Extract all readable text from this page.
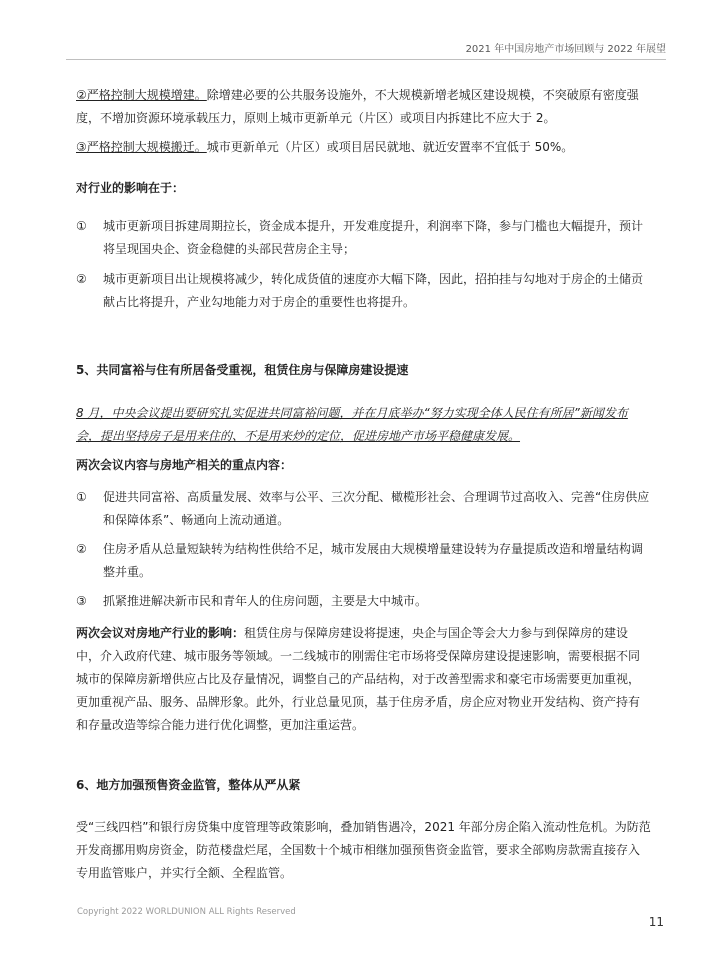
2021 年中国房地产市场回顾与 2022 年展望

②严格控制大规模增建。除增建必要的公共服务设施外，不大规模新增老城区建设规模，不突破原有密度强度，不增加资源环境承载压力，原则上城市更新单元（片区）或项目内拆建比不应大于 2。

③严格控制大规模搬迁。城市更新单元（片区）或项目居民就地、就近安置率不宜低于 50%。

对行业的影响在于：

①	城市更新项目拆建周期拉长，资金成本提升，开发难度提升，利润率下降，参与门槛也大幅提升，预计将呈现国央企、资金稳健的头部民营房企主导；
②	城市更新项目出让规模将减少，转化成货值的速度亦大幅下降，因此，招拍挂与勾地对于房企的土储贡献占比将提升，产业勾地能力对于房企的重要性也将提升。

5、共同富裕与住有所居备受重视，租赁住房与保障房建设提速

8 月，中央会议提出要研究扎实促进共同富裕问题，并在月底举办“努力实现全体人民住有所居”新闻发布会，提出坚持房子是用来住的、不是用来炒的定位，促进房地产市场平稳健康发展。

两次会议内容与房地产相关的重点内容：

①	促进共同富裕、高质量发展、效率与公平、三次分配、橄榄形社会、合理调节过高收入、完善“住房供应和保障体系”、畅通向上流动通道。
②	住房矛盾从总量短缺转为结构性供给不足，城市发展由大规模增量建设转为存量提质改造和增量结构调整并重。
③	抓紧推进解决新市民和青年人的住房问题，主要是大中城市。

两次会议对房地产行业的影响：租赁住房与保障房建设将提速，央企与国企等会大力参与到保障房的建设中，介入政府代建、城市服务等领域。一二线城市的刚需住宅市场将受保障房建设提速影响，需要根据不同城市的保障房新增供应占比及存量情况，调整自己的产品结构，对于改善型需求和豪宅市场需要更加重视，更加重视产品、服务、品牌形象。此外，行业总量见顶，基于住房矛盾，房企应对物业开发结构、资产持有和存量改造等综合能力进行优化调整，更加注重运营。

6、地方加强预售资金监管，整体从严从紧

受“三线四档”和银行房贷集中度管理等政策影响，叠加销售遇冷，2021 年部分房企陷入流动性危机。为防范开发商挪用购房资金，防范楼盘烂尾，全国数十个城市相继加强预售资金监管，要求全部购房款需直接存入专用监管账户，并实行全额、全程监管。

Copyright 2022 WORLDUNION ALL Rights Reserved
11
